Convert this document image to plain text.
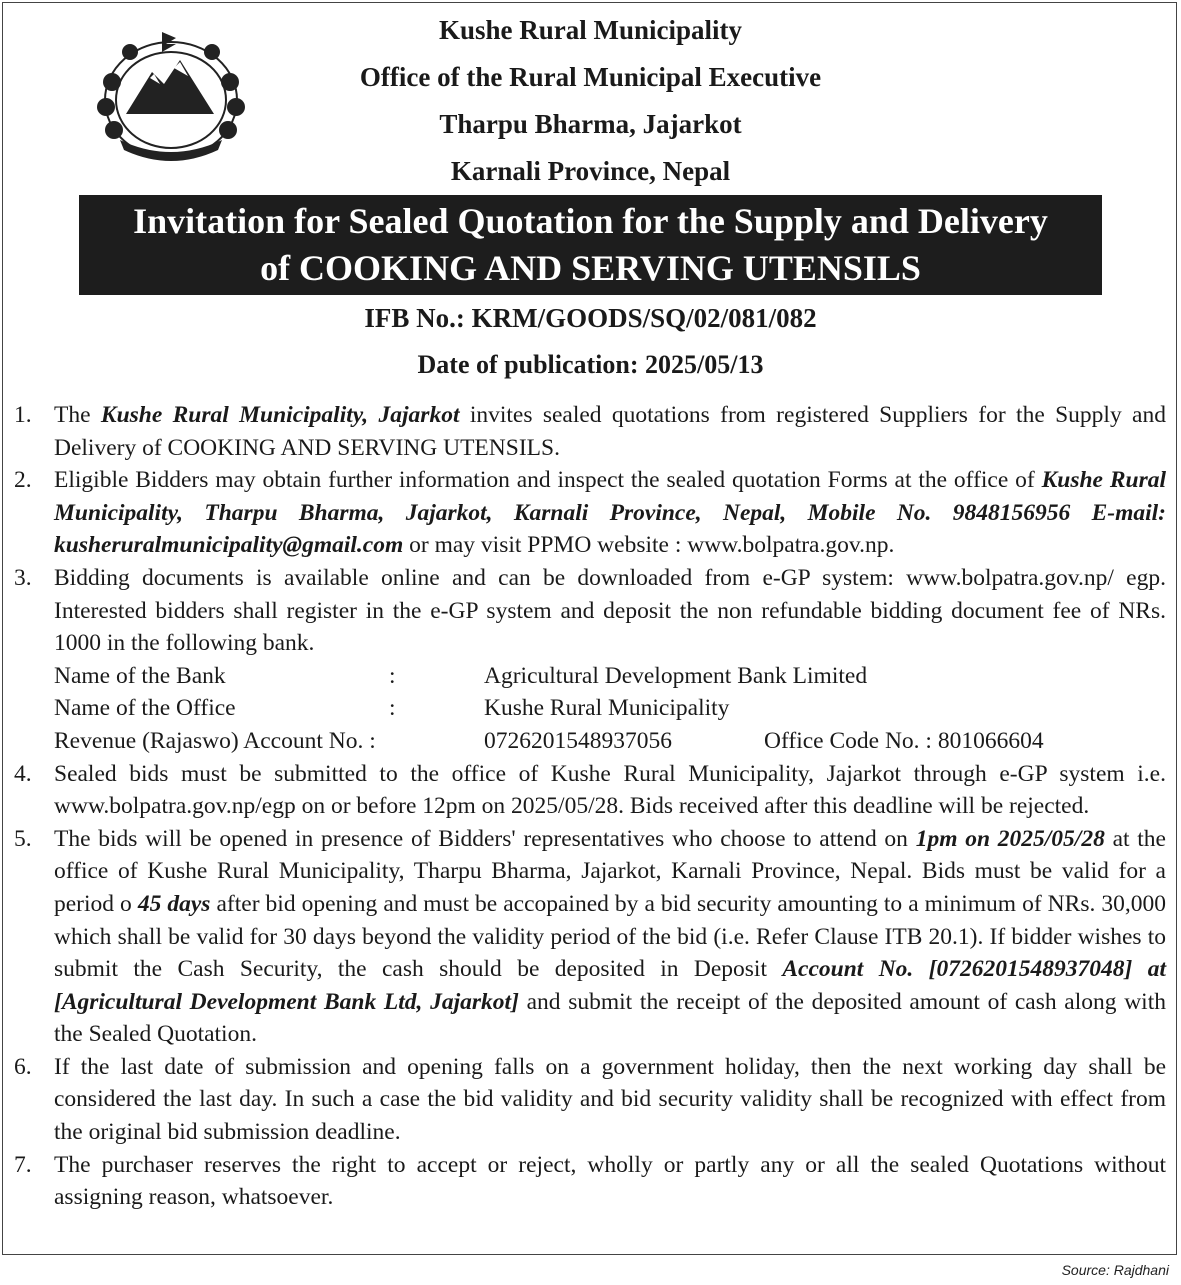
Kushe Rural Municipality
Office of the Rural Municipal Executive
Tharpu Bharma, Jajarkot
Karnali Province, Nepal
Invitation for Sealed Quotation for the Supply and Delivery
of COOKING AND SERVING UTENSILS
IFB No.: KRM/GOODS/SQ/02/081/082
Date of publication: 2025/05/13
1. The Kushe Rural Municipality, Jajarkot invites sealed quotations from registered Suppliers for the Supply and Delivery of COOKING AND SERVING UTENSILS.
2. Eligible Bidders may obtain further information and inspect the sealed quotation Forms at the office of Kushe Rural Municipality, Tharpu Bharma, Jajarkot, Karnali Province, Nepal, Mobile No. 9848156956 E-mail: kusheruralmunicipality@gmail.com or may visit PPMO website : www.bolpatra.gov.np.
3. Bidding documents is available online and can be downloaded from e-GP system: www.bolpatra.gov.np/ egp. Interested bidders shall register in the e-GP system and deposit the non refundable bidding document fee of NRs. 1000 in the following bank.
Name of the Bank	:	Agricultural Development Bank Limited
Name of the Office	:	Kushe Rural Municipality
Revenue (Rajaswo) Account No. :	0726201548937056	Office Code No. : 801066604
4. Sealed bids must be submitted to the office of Kushe Rural Municipality, Jajarkot through e-GP system i.e. www.bolpatra.gov.np/egp on or before 12pm on 2025/05/28. Bids received after this deadline will be rejected.
5. The bids will be opened in presence of Bidders' representatives who choose to attend on 1pm on 2025/05/28 at the office of Kushe Rural Municipality, Tharpu Bharma, Jajarkot, Karnali Province, Nepal. Bids must be valid for a period o 45 days after bid opening and must be accopained by a bid security amounting to a minimum of NRs. 30,000 which shall be valid for 30 days beyond the validity period of the bid (i.e. Refer Clause ITB 20.1). If bidder wishes to submit the Cash Security, the cash should be deposited in Deposit Account No. [0726201548937048] at [Agricultural Development Bank Ltd, Jajarkot] and submit the receipt of the deposited amount of cash along with the Sealed Quotation.
6. If the last date of submission and opening falls on a government holiday, then the next working day shall be considered the last day. In such a case the bid validity and bid security validity shall be recognized with effect from the original bid submission deadline.
7. The purchaser reserves the right to accept or reject, wholly or partly any or all the sealed Quotations without assigning reason, whatsoever.
Source: Rajdhani
